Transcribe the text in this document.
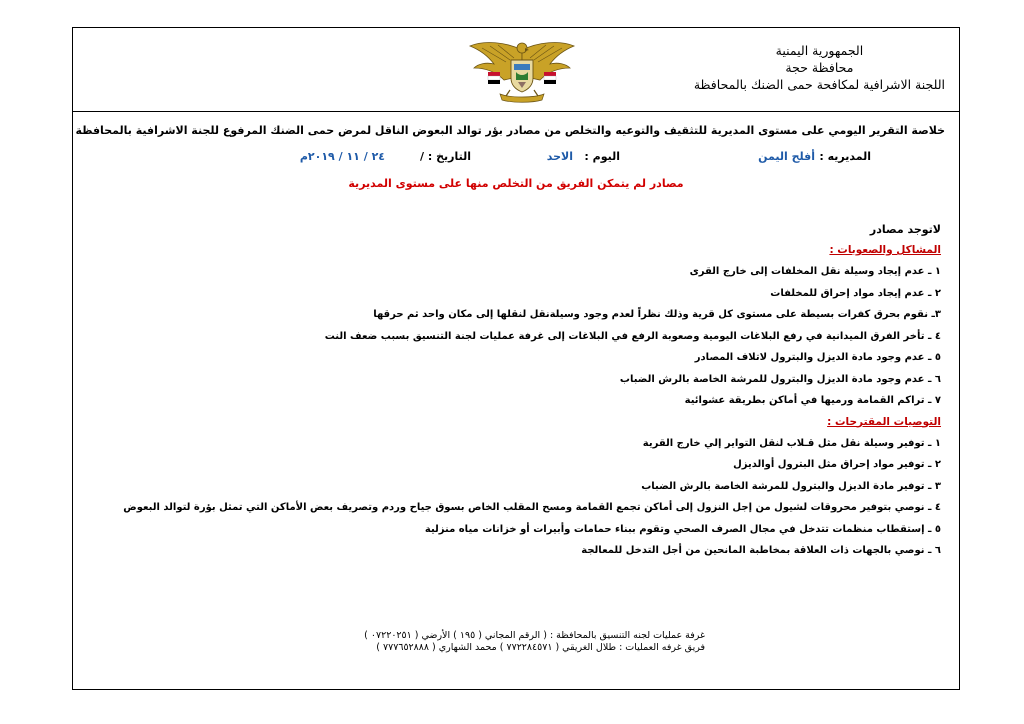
الجمهورية اليمنية
محافظة حجة
اللجنة الاشرافية لمكافحة حمى الضنك بالمحافظة
خلاصة التقرير اليومي على مستوى المديرية للتثقيف والتوعيه والتخلص من مصادر بؤر توالد البعوض الناقل لمرض حمى الضنك المرفوع للجنة الاشرافية بالمحافظة
المديريه :
أفلح اليمن
اليوم :
الاحد
التاريخ : /
٢٤ / ١١ / ٢٠١٩م
مصادر لم يتمكن الفريق من التخلص منها على مستوى المديرية
لاتوجد مصادر
المشاكل والصعوبات :
١ ـ عدم إيجاد وسيلة نقل المخلفات إلى خارج القرى
٢ ـ عدم إيجاد مواد إحراق للمخلفات
٣ـ نقوم بحرق كفرات بسيطة على مستوى كل قرية وذلك نظراً لعدم وجود وسيلةنقل لنقلها إلى مكان واحد ثم حرقها
٤ ـ تأخر الفرق الميدانية في رفع البلاغات اليومية وصعوبة الرفع في البلاغات إلى غرفة عمليات لجنة التنسيق بسبب ضعف النت
٥ ـ عدم وجود مادة الديزل والبترول لاتلاف المصادر
٦ ـ عدم وجود مادة الديزل والبترول للمرشة الخاصة بالرش الضباب
٧ ـ تراكم القمامة ورميها في أماكن بطريقة عشوائية
التوصيات المقترحات :
١ ـ توفير وسيلة نقل مثل قـلاب لنقل التواير إلي خارج القرية
٢ ـ توفير مواد إحراق مثل البترول أوالديزل
٣ ـ توفير مادة الديزل والبترول للمرشة الخاصة بالرش الضباب
٤ ـ نوصي بتوفير محروقات لشيول من إجل النزول إلى أماكن تجمع القمامة ومسح المقلب الخاص بسوق جياح وردم وتصريف بعض الأماكن التي تمثل بؤرة لتوالد البعوض
٥ ـ إستقطاب منظمات تتدخل في مجال الصرف الصحي وتقوم ببناء حمامات وأبيرات أو خزانات مياه منزلية
٦ ـ نوصي بالجهات ذات العلاقة بمخاطبة المانحين من أجل التدخل للمعالجة
غرفة عمليات لجنه التنسيق بالمحافظة : ( الرقم المجاني ( ١٩٥ ) الأرضي ( ٠٧٢٢٠٢٥١ )
فريق غرفه العمليات : طلال الغريقي ( ٧٧٢٢٨٤٥٧١ ) محمد الشهاري ( ٧٧٧٦٥٢٨٨٨ )
